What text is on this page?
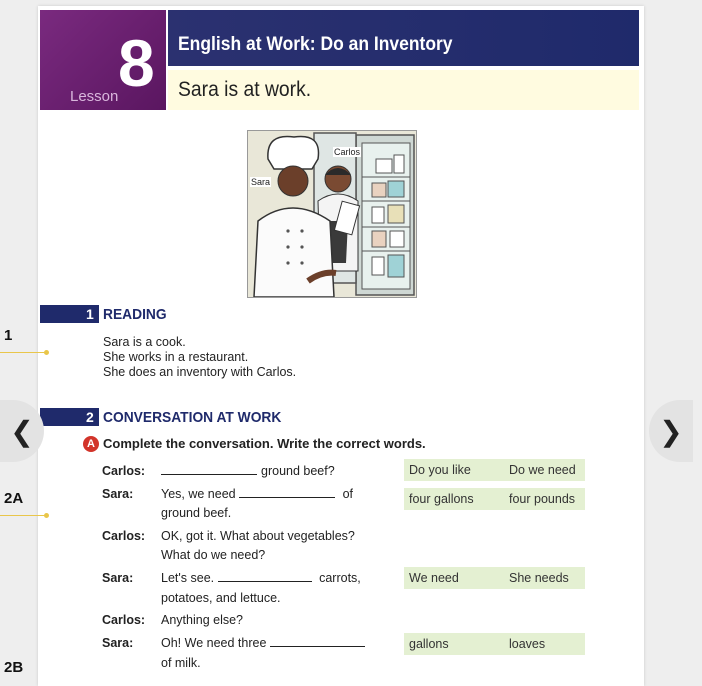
Lesson 8 English at Work: Do an Inventory
Sara is at work.
Carlos
Sara
1 READING
Sara is a cook.
She works in a restaurant.
She does an inventory with Carlos.
2 CONVERSATION AT WORK
A Complete the conversation. Write the correct words.
Carlos:	ground beef?
Sara: Yes, we need	of
ground beef.
Carlos: OK, got it. What about vegetables?
What do we need?
Sara: Let's see.	carrots,
potatoes, and lettuce.
Carlos: Anything else?
Sara: Oh! We need three
of milk.
Do you like	Do we need
four gallons	four pounds
We need	She needs
gallons	loaves
1
2A
2B
❮	❯
